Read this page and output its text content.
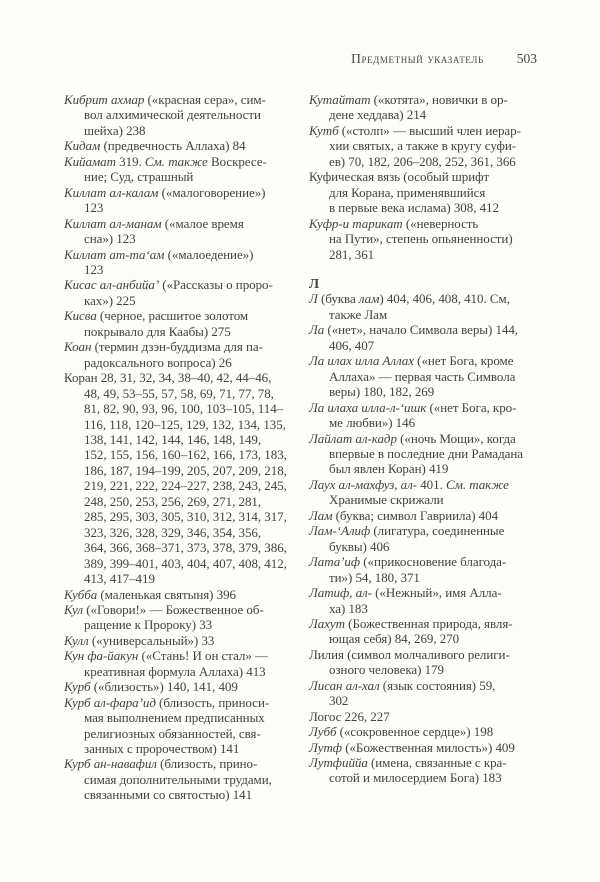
Предметный указатель 503
Кибрит ахмар («красная сера», сим-
вол алхимической деятельности
шейха) 238
Кидам (предвечность Аллаха) 84
Кийамат 319. См. также Воскресе-
ние; Суд, страшный
Киллат ал-калам («малоговорение»)
123
Киллат ал-манам («малое время
сна») 123
Киллат ат-та‘ам («малоедение»)
123
Кисас ал-анбийа’ («Рассказы о проро-
ках») 225
Кисва (черное, расшитое золотом
покрывало для Каабы) 275
Коан (термин дзэн-буддизма для па-
радоксального вопроса) 26
Коран 28, 31, 32, 34, 38–40, 42, 44–46,
48, 49, 53–55, 57, 58, 69, 71, 77, 78,
81, 82, 90, 93, 96, 100, 103–105, 114–
116, 118, 120–125, 129, 132, 134, 135,
138, 141, 142, 144, 146, 148, 149,
152, 155, 156, 160–162, 166, 173, 183,
186, 187, 194–199, 205, 207, 209, 218,
219, 221, 222, 224–227, 238, 243, 245,
248, 250, 253, 256, 269, 271, 281,
285, 295, 303, 305, 310, 312, 314, 317,
323, 326, 328, 329, 346, 354, 356,
364, 366, 368–371, 373, 378, 379, 386,
389, 399–401, 403, 404, 407, 408, 412,
413, 417–419
Кубба (маленькая святыня) 396
Кул («Говори!» — Божественное об-
ращение к Пророку) 33
Кулл («универсальный») 33
Кун фа-йакун («Стань! И он стал» —
креативная формула Аллаха) 413
Курб («близость») 140, 141, 409
Курб ал-фара’ид (близость, приноси-
мая выполнением предписанных
религиозных обязанностей, свя-
занных с пророчеством) 141
Курб ан-навафил (близость, прино-
симая дополнительными трудами,
связанными со святостью) 141
Кутайтат («котята», новички в ор-
дене хеддава) 214
Кутб («столп» — высший член иерар-
хии святых, а также в кругу суфи-
ев) 70, 182, 206–208, 252, 361, 366
Куфическая вязь (особый шрифт
для Корана, применявшийся
в первые века ислама) 308, 412
Куфр-и тарикат («неверность
на Пути», степень опьяненности)
281, 361
Л
Л (буква лам) 404, 406, 408, 410. См,
также Лам
Ла («нет», начало Символа веры) 144,
406, 407
Ла илах илла Аллах («нет Бога, кроме
Аллаха» — первая часть Символа
веры) 180, 182, 269
Ла илаха илла-л-‘ишк («нет Бога, кро-
ме любви») 146
Лайлат ал-кадр («ночь Мощи», когда
впервые в последние дни Рамадана
был явлен Коран) 419
Лаух ал-махфуз, ал- 401. См. также
Хранимые скрижали
Лам (буква; символ Гавриила) 404
Лам-‘Алиф (лигатура, соединенные
буквы) 406
Лата’иф («прикосновение благода-
ти») 54, 180, 371
Латиф, ал- («Нежный», имя Алла-
ха) 183
Лахут (Божественная природа, явля-
ющая себя) 84, 269, 270
Лилия (символ молчаливого религи-
озного человека) 179
Лисан ал-хал (язык состояния) 59,
302
Логос 226, 227
Лубб («сокровенное сердце») 198
Лутф («Божественная милость») 409
Лутфиййа (имена, связанные с кра-
сотой и милосердием Бога) 183
